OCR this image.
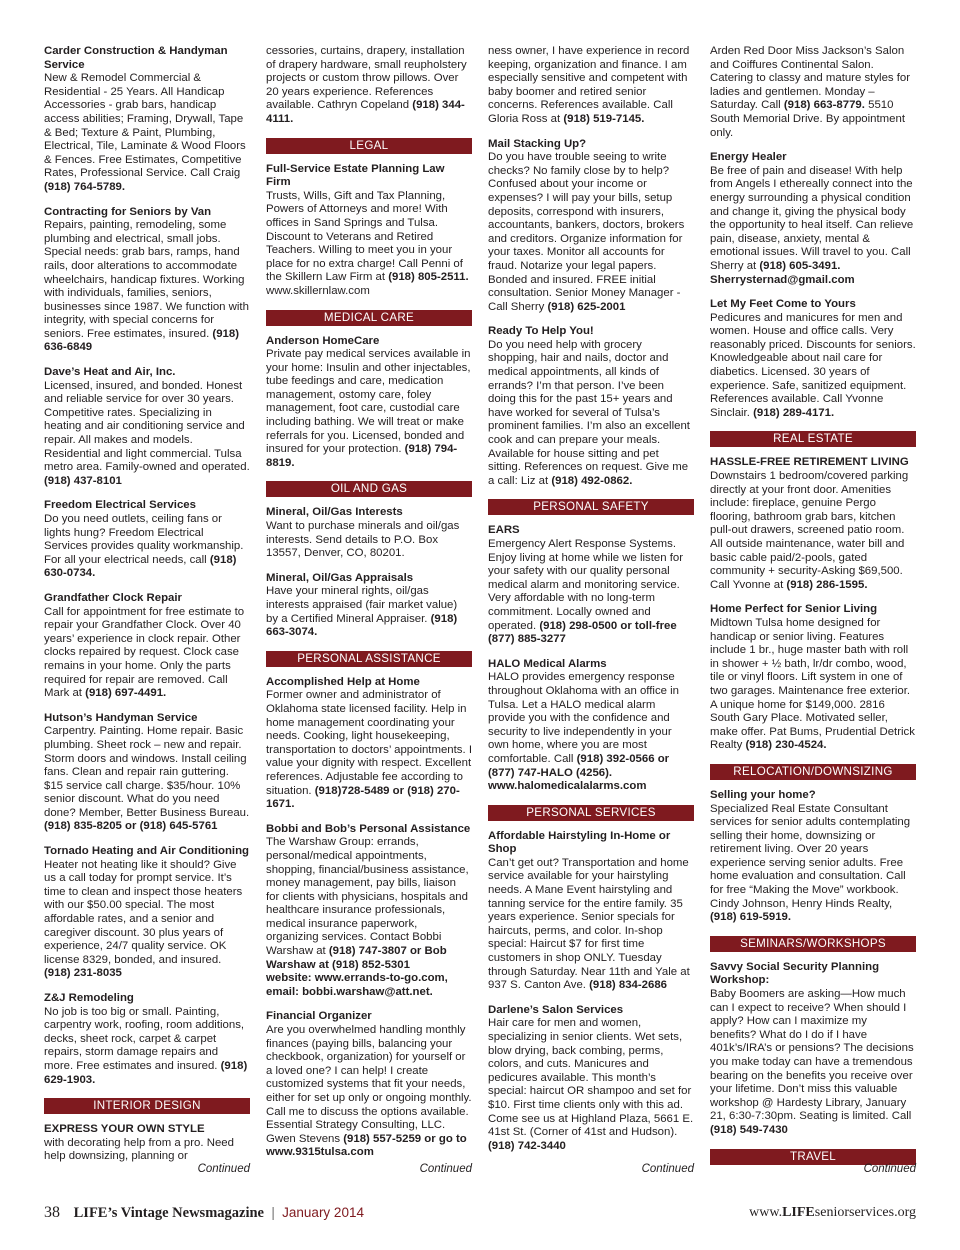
Carder Construction & Handyman Service
New & Remodel Commercial & Residential - 25 Years. All Handicap Accessories - grab bars, handicap access abilities; Framing, Drywall, Tape & Bed; Texture & Paint, Plumbing, Electrical, Tile, Laminate & Wood Floors & Fences. Free Estimates, Competitive Rates, Professional Service. Call Craig (918) 764-5789.
Contracting for Seniors by Van
Repairs, painting, remodeling, some plumbing and electrical, small jobs. Special needs: grab bars, ramps, hand rails, door alterations to accommodate wheelchairs, handicap fixtures. Working with individuals, families, seniors, businesses since 1987. We function with integrity, with special concerns for seniors. Free estimates, insured. (918) 636-6849
Dave’s Heat and Air, Inc.
Licensed, insured, and bonded. Honest and reliable service for over 30 years. Competitive rates. Specializing in heating and air conditioning service and repair. All makes and models. Residential and light commercial. Tulsa metro area. Family-owned and operated. (918) 437-8101
Freedom Electrical Services
Do you need outlets, ceiling fans or lights hung? Freedom Electrical Services provides quality workmanship. For all your electrical needs, call (918) 630-0734.
Grandfather Clock Repair
Call for appointment for free estimate to repair your Grandfather Clock. Over 40 years’ experience in clock repair. Other clocks repaired by request. Clock case remains in your home. Only the parts required for repair are removed. Call Mark at (918) 697-4491.
Hutson’s Handyman Service
Carpentry. Painting. Home repair. Basic plumbing. Sheet rock – new and repair. Storm doors and windows. Install ceiling fans. Clean and repair rain guttering. $15 service call charge. $35/hour. 10% senior discount. What do you need done? Member, Better Business Bureau. (918) 835-8205 or (918) 645-5761
Tornado Heating and Air Conditioning
Heater not heating like it should? Give us a call today for prompt service. It’s time to clean and inspect those heaters with our $50.00 special. The most affordable rates, and a senior and caregiver discount. 30 plus years of experience, 24/7 quality service. OK license 8329, bonded, and insured. (918) 231-8035
Z&J Remodeling
No job is too big or small. Painting, carpentry work, roofing, room additions, decks, sheet rock, carpet & carpet repairs, storm damage repairs and more. Free estimates and insured. (918) 629-1903.
INTERIOR DESIGN
EXPRESS YOUR OWN STYLE
with decorating help from a pro. Need help downsizing, planning or
cessories, curtains, drapery, installation of drapery hardware, small reupholstery projects or custom throw pillows. Over 20 years experience. References available. Cathryn Copeland (918) 344-4111.
LEGAL
Full-Service Estate Planning Law Firm
Trusts, Wills, Gift and Tax Planning, Powers of Attorneys and more! With offices in Sand Springs and Tulsa. Discount to Veterans and Retired Teachers. Willing to meet you in your place for no extra charge! Call Penni of the Skillern Law Firm at (918) 805-2511.
www.skillernlaw.com
MEDICAL CARE
Anderson HomeCare
Private pay medical services available in your home: Insulin and other injectables, tube feedings and care, medication management, ostomy care, foley management, foot care, custodial care including bathing. We will treat or make referrals for you. Licensed, bonded and insured for your protection. (918) 794-8819.
OIL AND GAS
Mineral, Oil/Gas Interests
Want to purchase minerals and oil/gas interests. Send details to P.O. Box 13557, Denver, CO, 80201.
Mineral, Oil/Gas Appraisals
Have your mineral rights, oil/gas interests appraised (fair market value) by a Certified Mineral Appraiser. (918) 663-3074.
PERSONAL ASSISTANCE
Accomplished Help at Home
Former owner and administrator of Oklahoma state licensed facility. Help in home management coordinating your needs. Cooking, light housekeeping, transportation to doctors’ appointments. I value your dignity with respect. Excellent references. Adjustable fee according to situation. (918)728-5489 or (918) 270-1671.
Bobbi and Bob’s Personal Assistance
The Warshaw Group: errands, personal/medical appointments, shopping, financial/business assistance, money management, pay bills, liaison for clients with physicians, hospitals and healthcare insurance professionals, medical insurance paperwork, organizing services. Contact Bobbi Warshaw at (918) 747-3807 or Bob Warshaw at (918) 852-5301
website: www.errands-to-go.com, email: bobbi.warshaw@att.net.
Financial Organizer
Are you overwhelmed handling monthly finances (paying bills, balancing your checkbook, organization) for yourself or a loved one? I can help! I create customized systems that fit your needs, either for set up only or ongoing monthly. Call me to discuss the options available. Essential Strategy Consulting, LLC. Gwen Stevens (918) 557-5259 or go to www.9315tulsa.com
ness owner, I have experience in record keeping, organization and finance. I am especially sensitive and competent with baby boomer and retired senior concerns. References available. Call Gloria Ross at (918) 519-7145.
Mail Stacking Up?
Do you have trouble seeing to write checks? No family close by to help? Confused about your income or expenses? I will pay your bills, setup deposits, correspond with insurers, accountants, bankers, doctors, brokers and creditors. Organize information for your taxes. Monitor all accounts for fraud. Notarize your legal papers. Bonded and insured. FREE initial consultation. Senior Money Manager - Call Sherry (918) 625-2001
Ready To Help You!
Do you need help with grocery shopping, hair and nails, doctor and medical appointments, all kinds of errands? I’m that person. I’ve been doing this for the past 15+ years and have worked for several of Tulsa’s prominent families. I’m also an excellent cook and can prepare your meals. Available for house sitting and pet sitting. References on request. Give me a call: Liz at (918) 492-0862.
PERSONAL SAFETY
EARS
Emergency Alert Response Systems. Enjoy living at home while we listen for your safety with our quality personal medical alarm and monitoring service. Very affordable with no long-term commitment. Locally owned and operated. (918) 298-0500 or toll-free (877) 885-3277
HALO Medical Alarms
HALO provides emergency response throughout Oklahoma with an office in Tulsa. Let a HALO medical alarm provide you with the confidence and security to live independently in your own home, where you are most comfortable. Call (918) 392-0566 or (877) 747-HALO (4256). www.halomedicalalarms.com
PERSONAL SERVICES
Affordable Hairstyling In-Home or Shop
Can’t get out? Transportation and home service available for your hairstyling needs. A Mane Event hairstyling and tanning service for the entire family. 35 years experience. Senior specials for haircuts, perms, and color. In-shop special: Haircut $7 for first time customers in shop ONLY. Tuesday through Saturday. Near 11th and Yale at 937 S. Canton Ave. (918) 834-2686
Darlene’s Salon Services
Hair care for men and women, specializing in senior clients. Wet sets, blow drying, back combing, perms, colors, and cuts. Manicures and pedicures available. This month’s special: haircut OR shampoo and set for $10. First time clients only with this ad. Come see us at Highland Plaza, 5661 E. 41st St. (Corner of 41st and Hudson). (918) 742-3440
Arden Red Door Miss Jackson’s Salon and Coiffures Continental Salon. Catering to classy and mature styles for ladies and gentlemen. Monday – Saturday. Call (918) 663-8779. 5510 South Memorial Drive. By appointment only.
Energy Healer
Be free of pain and disease! With help from Angels I ethereally connect into the energy surrounding a physical condition and change it, giving the physical body the opportunity to heal itself. Can relieve pain, disease, anxiety, mental & emotional issues. Will travel to you. Call Sherry at (918) 605-3491. Sherrysternad@gmail.com
Let My Feet Come to Yours
Pedicures and manicures for men and women. House and office calls. Very reasonably priced. Discounts for seniors. Knowledgeable about nail care for diabetics. Licensed. 30 years of experience. Safe, sanitized equipment. References available. Call Yvonne Sinclair. (918) 289-4171.
REAL ESTATE
HASSLE-FREE RETIREMENT LIVING
Downstairs 1 bedroom/covered parking directly at your front door. Amenities include: fireplace, genuine Pergo flooring, bathroom grab bars, kitchen pull-out drawers, screened patio room. All outside maintenance, water bill and basic cable paid/2-pools, gated community + security-Asking $69,500. Call Yvonne at (918) 286-1595.
Home Perfect for Senior Living
Midtown Tulsa home designed for handicap or senior living. Features include 1 br., huge master bath with roll in shower + ½ bath, lr/dr combo, wood, tile or vinyl floors. Lift system in one of two garages. Maintenance free exterior. A unique home for $149,000. 2816 South Gary Place. Motivated seller, make offer. Pat Bums, Prudential Detrick Realty (918) 230-4524.
RELOCATION/DOWNSIZING
Selling your home?
Specialized Real Estate Consultant services for senior adults contemplating selling their home, downsizing or retirement living. Over 20 years experience serving senior adults. Free home evaluation and consultation. Call for free “Making the Move” workbook. Cindy Johnson, Henry Hinds Realty, (918) 619-5919.
SEMINARS/WORKSHOPS
Savvy Social Security Planning Workshop:
Baby Boomers are asking—How much can I expect to receive? When should I apply? How can I maximize my benefits? What do I do if I have 401k’s/IRA’s or pensions? The decisions you make today can have a tremendous bearing on the benefits you receive over your lifetime. Don’t miss this valuable workshop @ Hardesty Library, January 21, 6:30-7:30pm. Seating is limited. Call (918) 549-7430
TRAVEL
Continued	Continued	Continued	Continued
38 LIFE’s Vintage Newsmagazine | January 2014	www.LIFEseniorservices.org
